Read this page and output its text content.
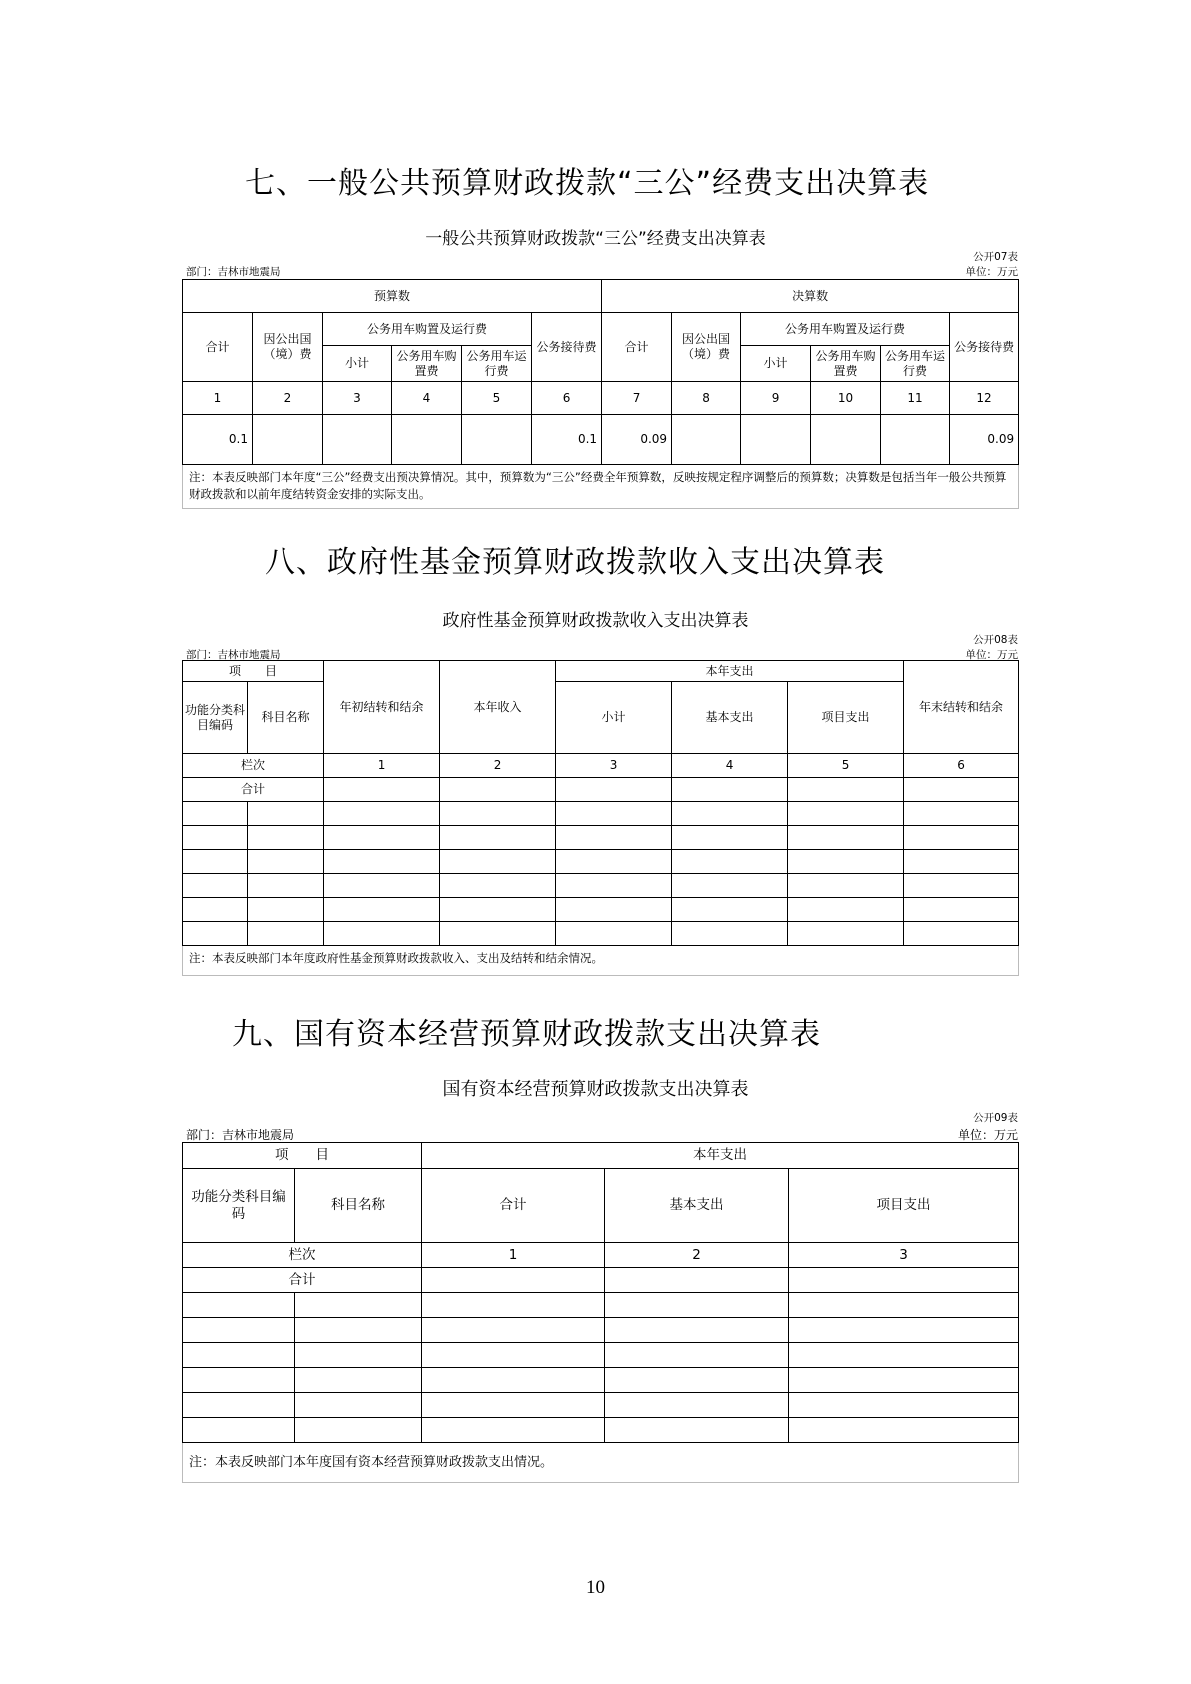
七、一般公共预算财政拨款“三公”经费支出决算表
一般公共预算财政拨款“三公”经费支出决算表
公开07表
部门：吉林市地震局	单位：万元
预算数						决算数					
合计	因公出国（境）费	公务用车购置及运行费			公务接待费	合计	因公出国（境）费	公务用车购置及运行费			公务接待费
		小计	公务用车购置费	公务用车运行费				小计	公务用车购置费	公务用车运行费	
1	2	3	4	5	6	7	8	9	10	11	12
0.1					0.1	0.09					0.09
注：本表反映部门本年度“三公”经费支出预决算情况。其中，预算数为“三公”经费全年预算数，反映按规定程序调整后的预算数；决算数是包括当年一般公共预算财政拨款和以前年度结转资金安排的实际支出。											
八、政府性基金预算财政拨款收入支出决算表
政府性基金预算财政拨款收入支出决算表
公开08表
部门：吉林市地震局	单位：万元
项　　目		年初结转和结余	本年收入	本年支出			年末结转和结余
功能分类科目编码	科目名称			小计	基本支出	项目支出	
栏次		1	2	3	4	5	6
合计							

注：本表反映部门本年度政府性基金预算财政拨款收入、支出及结转和结余情况。							
九、国有资本经营预算财政拨款支出决算表
国有资本经营预算财政拨款支出决算表
公开09表
部门：吉林市地震局	单位：万元
项　　目		本年支出		
功能分类科目编码	科目名称	合计	基本支出	项目支出
栏次		1	2	3
合计				

注：本表反映部门本年度国有资本经营预算财政拨款支出情况。				
10
